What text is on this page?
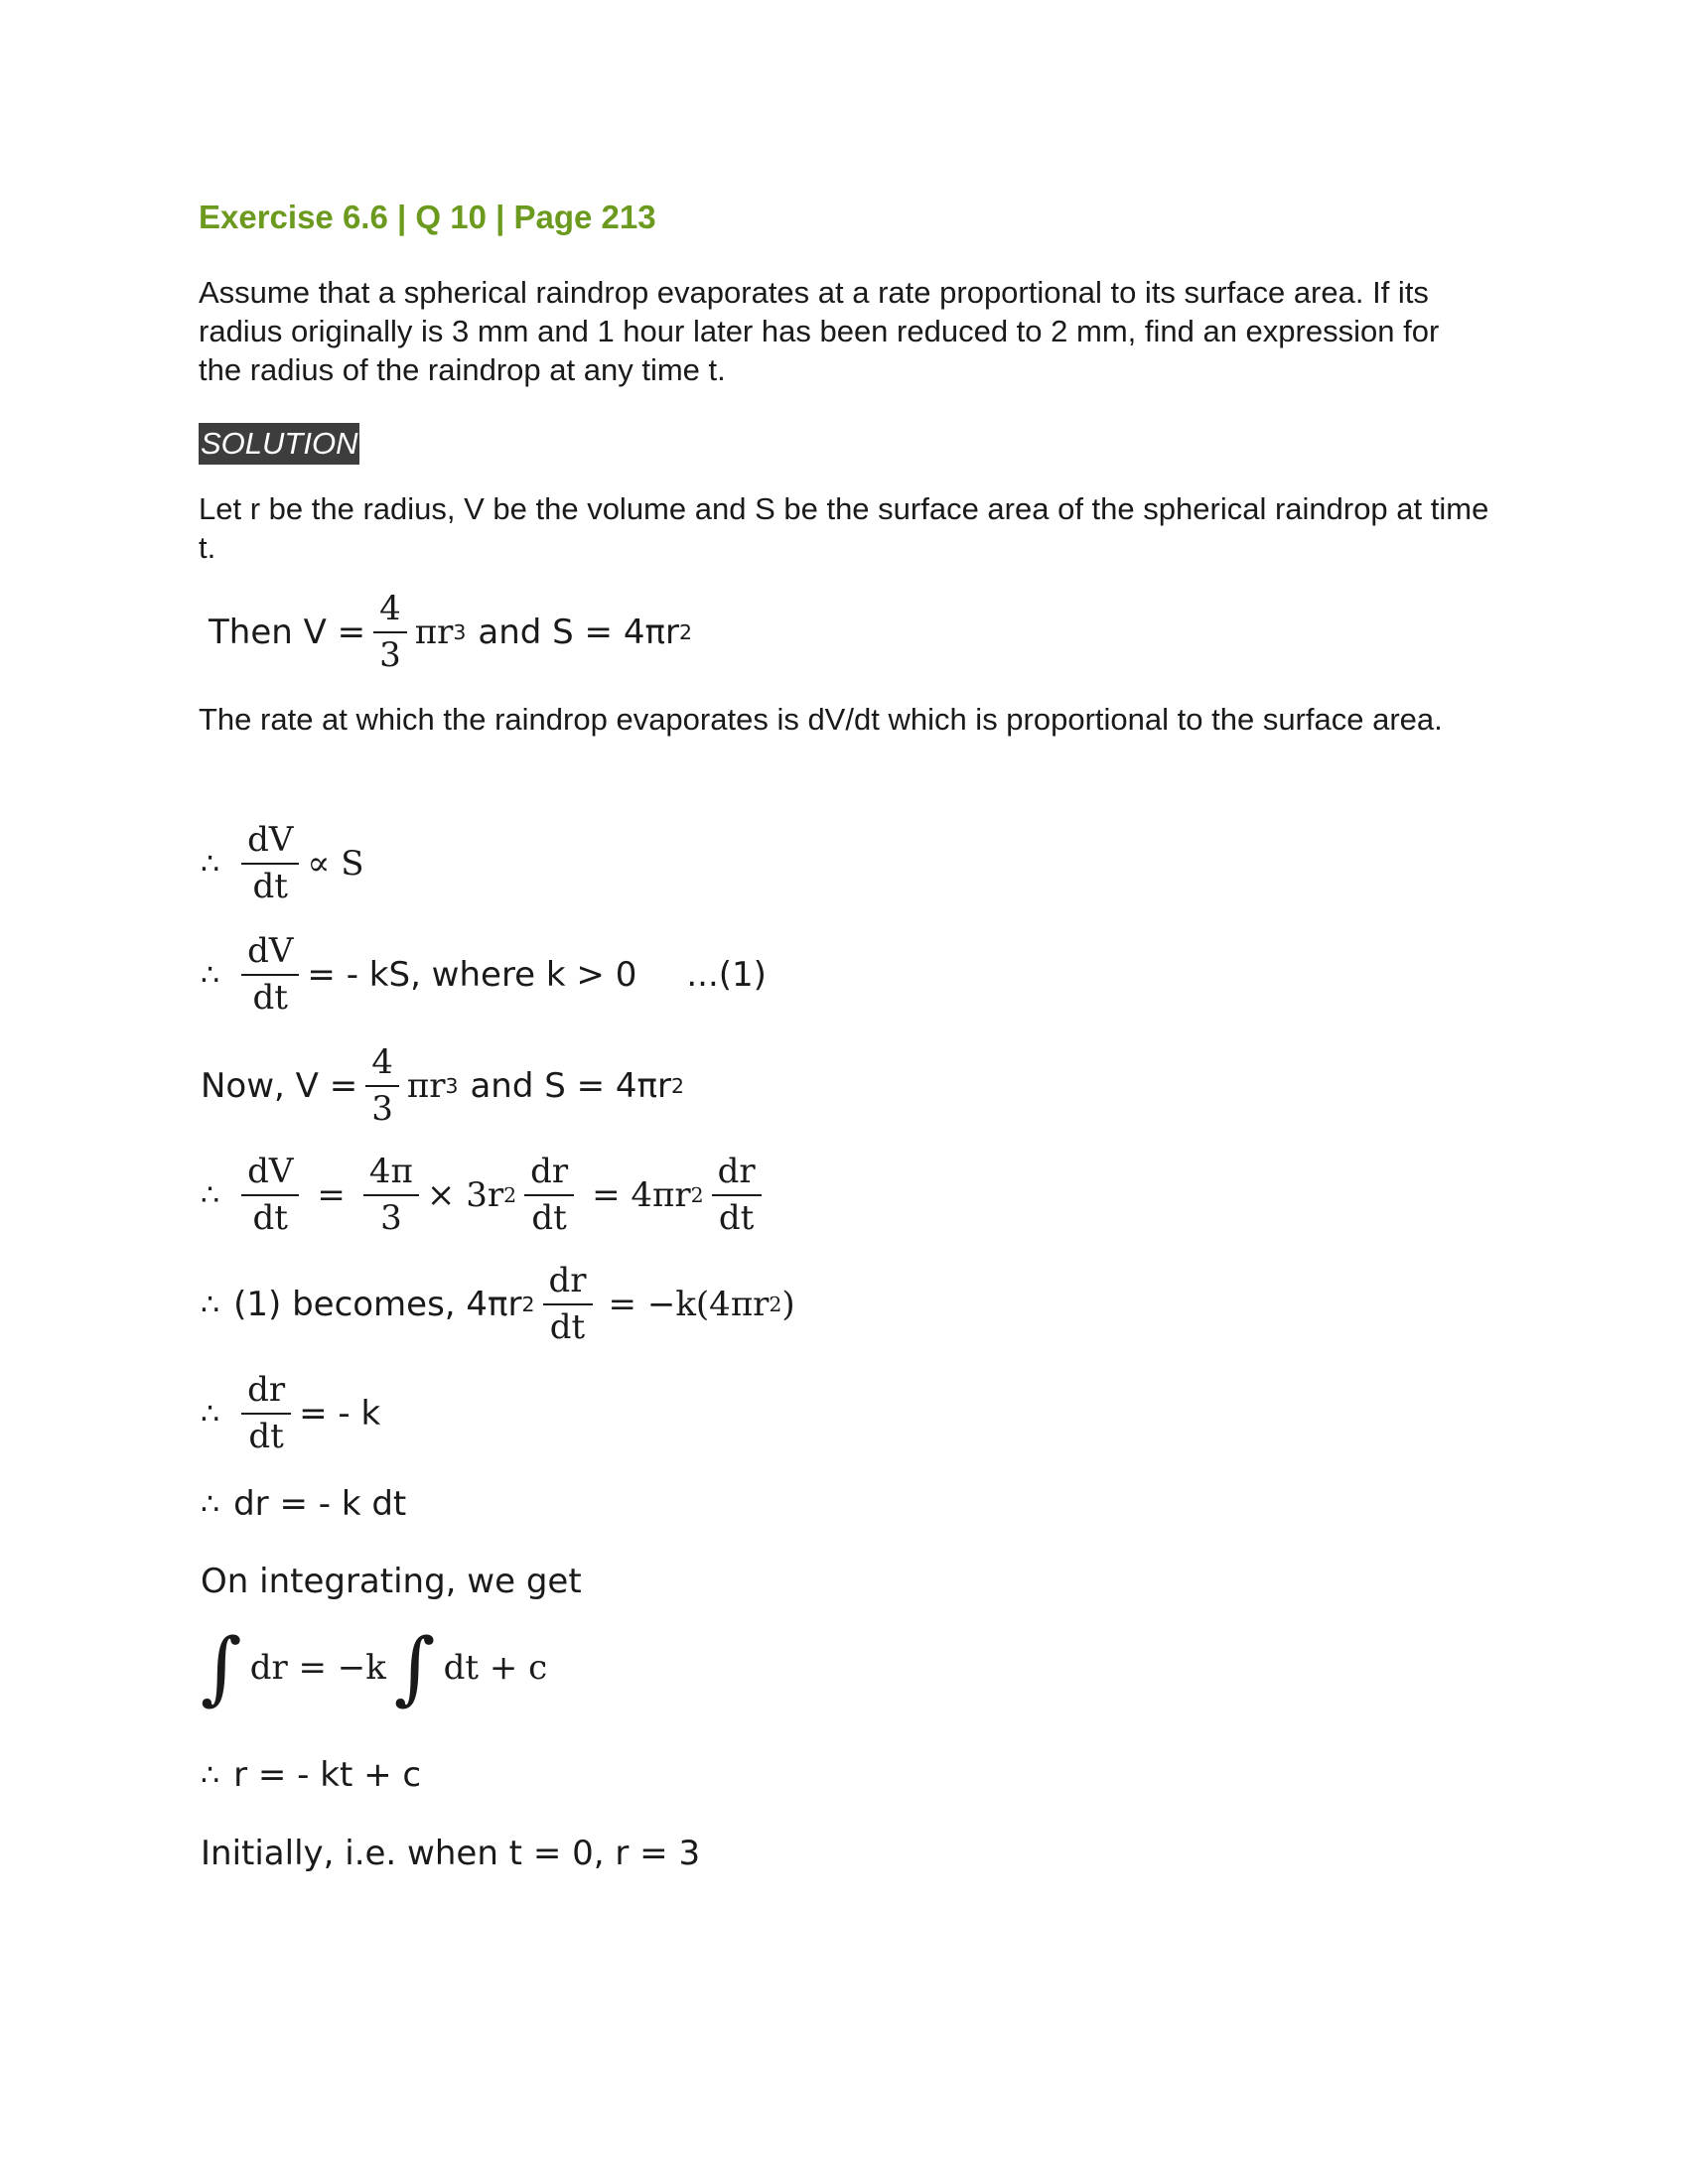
Exercise 6.6 | Q 10 | Page 213
Assume that a spherical raindrop evaporates at a rate proportional to its surface area. If its radius originally is 3 mm and 1 hour later has been reduced to 2 mm, find an expression for the radius of the raindrop at any time t.
SOLUTION
Let r be the radius, V be the volume and S be the surface area of the spherical raindrop at time t.
Then $V = \frac{4}{3}$ πr 3 and S = 4πr 2
The rate at which the raindrop evaporates is dV/dt which is proportional to the surface area.
∴ $\frac{dV}{dt} \propto S$
∴ $\frac{dV}{dt}$ = - kS, where k > 0 ...(1)
Now, $V = \frac{4}{3}$ πr 3 and S = 4πr 2
∴ $\frac{dV}{dt} = \frac{4\pi}{3} \times 3r$ $2 \frac{dr}{dt} = 4\pi r$ $2 \frac{dr}{dt}$
∴ (1) becomes, 4πr $2 \frac{dr}{dt} = -k(4\pi r$ 2 )
∴ $\frac{dr}{dt}$ = - k
∴ dr = - k dt
On integrating, we get
∫ dr = −k ∫ dt + c
∴ r = - kt + c
Initially, i.e. when t = 0, r = 3
